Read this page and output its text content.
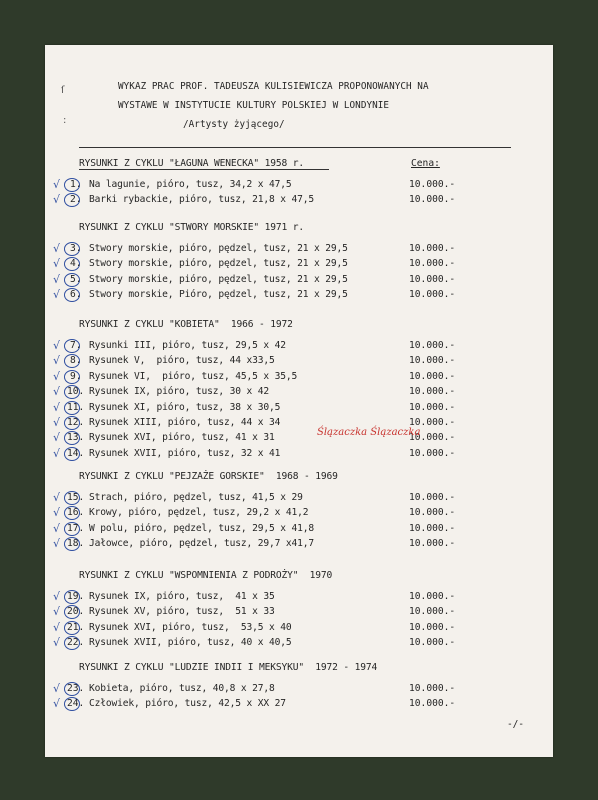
ſ
:
WYKAZ PRAC PROF. TADEUSZA KULISIEWICZA PROPONOWANYCH NA
WYSTAWE W INSTYTUCIE KULTURY POLSKIEJ W LONDYNIE
/Artysty żyjącego/
RYSUNKI Z CYKLU "ŁAGUNA WENECKA" 1958 r.	Cena:
√ 1. Na lagunie, pióro, tusz, 34,2 x 47,5	10.000.-
√ 2. Barki rybackie, pióro, tusz, 21,8 x 47,5	10.000.-
RYSUNKI Z CYKLU "STWORY MORSKIE" 1971 r.
√ 3. Stwory morskie, pióro, pędzel, tusz, 21 x 29,5	10.000.-
√ 4. Stwory morskie, pióro, pędzel, tusz, 21 x 29,5	10.000.-
√ 5. Stwory morskie, pióro, pędzel, tusz, 21 x 29,5	10.000.-
√ 6. Stwory morskie, Pióro, pędzel, tusz, 21 x 29,5	10.000.-
RYSUNKI Z CYKLU "KOBIETA"  1966 - 1972
√ 7. Rysunki III, pióro, tusz, 29,5 x 42	10.000.-
√ 8. Rysunek V,  pióro, tusz, 44 x33,5	10.000.-
√ 9. Rysunek VI,  pióro, tusz, 45,5 x 35,5	10.000.-
√ 10. Rysunek IX, pióro, tusz, 30 x 42	10.000.-
√ 11. Rysunek XI, pióro, tusz, 38 x 30,5	10.000.-
√ 12. Rysunek XIII, pióro, tusz, 44 x 34	10.000.-
√ 13. Rysunek XVI, pióro, tusz, 41 x 31	10.000.-
√ 14. Rysunek XVII, pióro, tusz, 32 x 41	10.000.-
RYSUNKI Z CYKLU "PEJZAŻE GORSKIE"  1968 - 1969
√ 15. Strach, pióro, pędzel, tusz, 41,5 x 29	10.000.-
√ 16. Krowy, pióro, pędzel, tusz, 29,2 x 41,2	10.000.-
√ 17. W polu, pióro, pędzel, tusz, 29,5 x 41,8	10.000.-
√ 18. Jałowce, pióro, pędzel, tusz, 29,7 x41,7	10.000.-
RYSUNKI Z CYKLU "WSPOMNIENIA Z PODROŻY"  1970
√ 19. Rysunek IX, pióro, tusz,  41 x 35	10.000.-
√ 20. Rysunek XV, pióro, tusz,  51 x 33	10.000.-
√ 21. Rysunek XVI, pióro, tusz,  53,5 x 40	10.000.-
√ 22. Rysunek XVII, pióro, tusz, 40 x 40,5	10.000.-
RYSUNKI Z CYKLU "LUDZIE INDII I MEKSYKU"  1972 - 1974
√ 23. Kobieta, pióro, tusz, 40,8 x 27,8	10.000.-
√ 24. Człowiek, pióro, tusz, 42,5 x XX 27	10.000.-
Ślązaczka Ślązaczka
-/-
